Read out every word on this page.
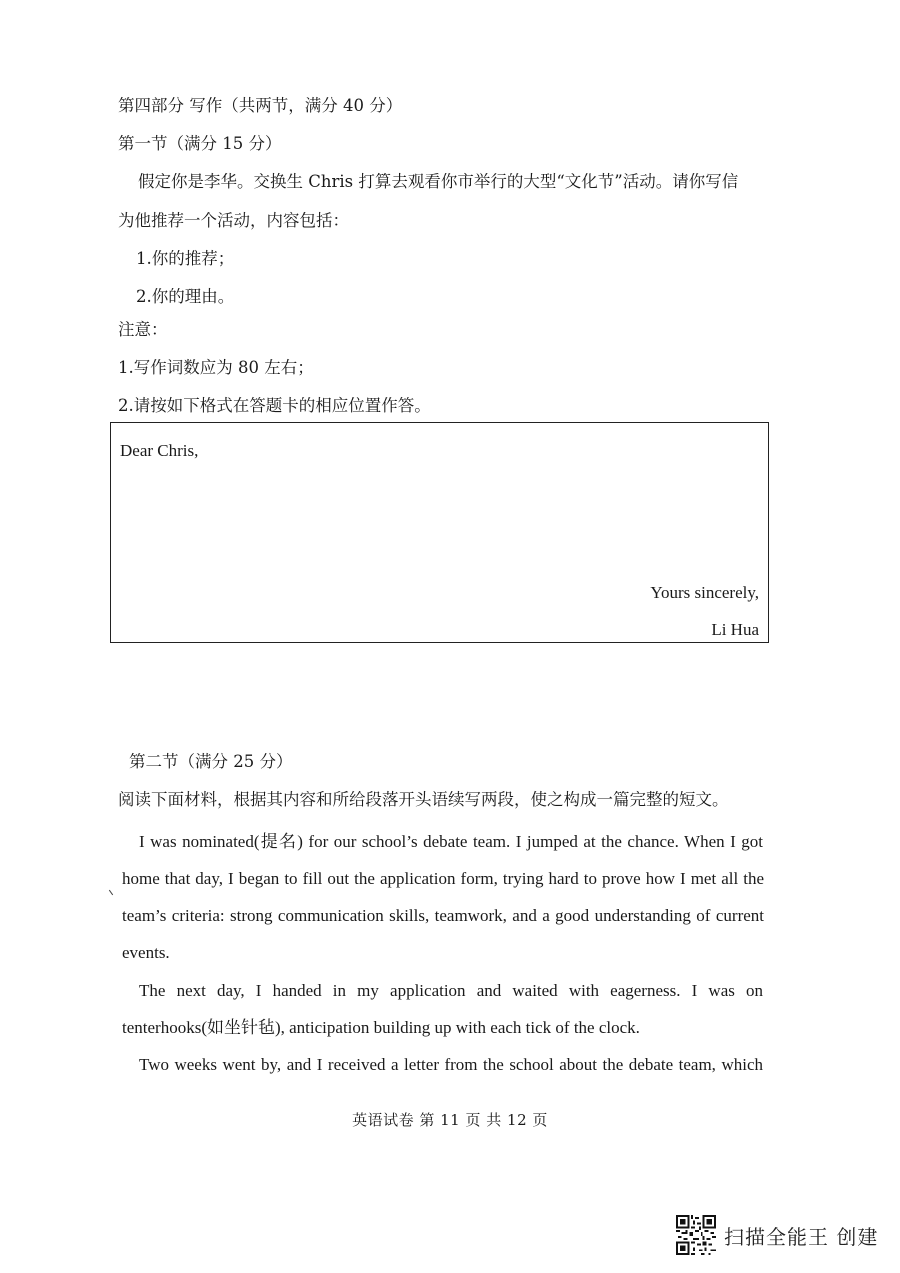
第四部分 写作（共两节，满分 40 分）
第一节（满分 15 分）
假定你是李华。交换生 Chris 打算去观看你市举行的大型“文化节”活动。请你写信
为他推荐一个活动，内容包括：
1.你的推荐；
2.你的理由。
注意：
1.写作词数应为 80 左右；
2.请按如下格式在答题卡的相应位置作答。
Dear Chris,
Yours sincerely,
Li Hua
第二节（满分 25 分）
阅读下面材料，根据其内容和所给段落开头语续写两段，使之构成一篇完整的短文。
I was nominated(提名) for our school’s debate team. I jumped at the chance. When I got
home that day, I began to fill out the application form, trying hard to prove how I met all the
team’s criteria: strong communication skills, teamwork, and a good understanding of current
events.
The next day, I handed in my application and waited with eagerness. I was on
tenterhooks(如坐针毡), anticipation building up with each tick of the clock.
Two weeks went by, and I received a letter from the school about the debate team, which
英语试卷 第 11 页 共 12 页
扫描全能王 创建
